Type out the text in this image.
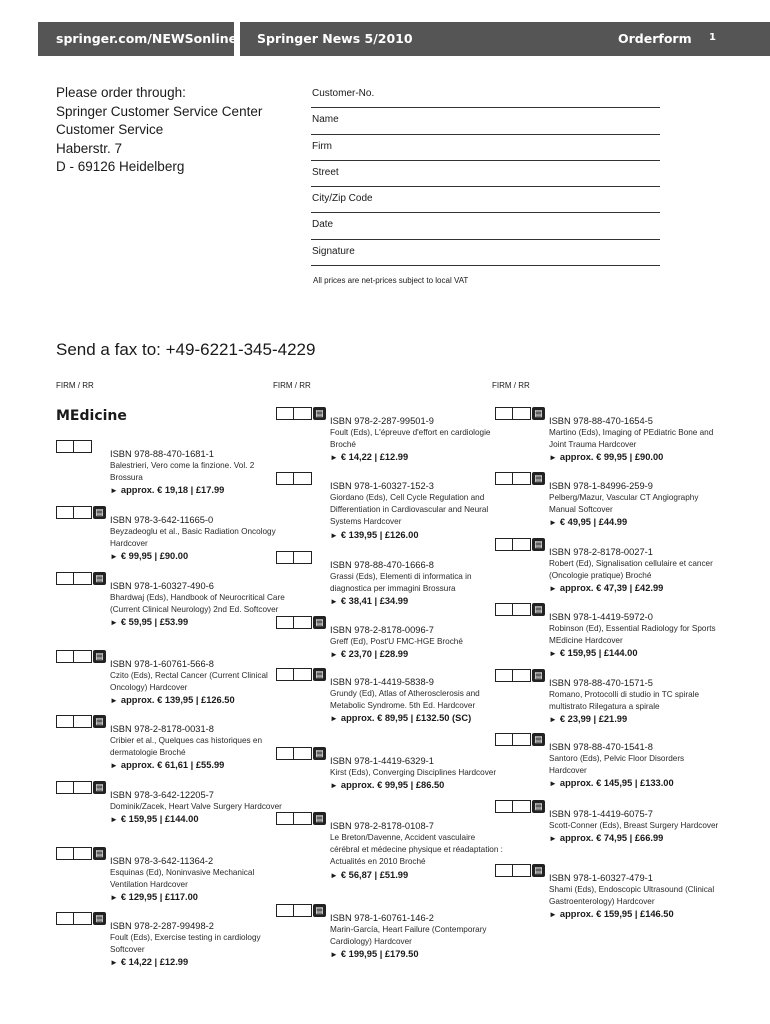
springer.com/NEWSonline Springer News 5/2010	Orderform 1
Please order through:
Springer Customer Service Center
Customer Service
Haberstr. 7
D - 69126 Heidelberg
Customer-No.
Name
Firm
Street
City/Zip Code
Date
Signature
All prices are net-prices subject to local VAT
Send a fax to: +49-6221-345-4229
FIRM / RR	FIRM / RR	FIRM / RR
MEdicine
ISBN 978-88-470-1681-1
Balestrieri, Vero come la finzione. Vol. 2 Brossura
► approx. € 19,18 | £17.99
▤
ISBN 978-3-642-11665-0
Beyzadeoglu et al., Basic Radiation Oncology Hardcover
► € 99,95 | £90.00
▤
ISBN 978-1-60327-490-6
Bhardwaj (Eds), Handbook of Neurocritical Care (Current Clinical Neurology) 2nd Ed. Softcover
► € 59,95 | £53.99
▤
ISBN 978-1-60761-566-8
Czito (Eds), Rectal Cancer (Current Clinical Oncology) Hardcover
► approx. € 139,95 | £126.50
▤
ISBN 978-2-8178-0031-8
Cribier et al., Quelques cas historiques en dermatologie Broché
► approx. € 61,61 | £55.99
▤
ISBN 978-3-642-12205-7
Dominik/Zacek, Heart Valve Surgery Hardcover
► € 159,95 | £144.00
▤
ISBN 978-3-642-11364-2
Esquinas (Ed), Noninvasive Mechanical Ventilation Hardcover
► € 129,95 | £117.00
▤
ISBN 978-2-287-99498-2
Foult (Eds), Exercise testing in cardiology Softcover
► € 14,22 | £12.99
▤
ISBN 978-2-287-99501-9
Foult (Eds), L'épreuve d'effort en cardiologie Broché
► € 14,22 | £12.99
ISBN 978-1-60327-152-3
Giordano (Eds), Cell Cycle Regulation and Differentiation in Cardiovascular and Neural Systems Hardcover
► € 139,95 | £126.00
ISBN 978-88-470-1666-8
Grassi (Eds), Elementi di informatica in diagnostica per immagini Brossura
► € 38,41 | £34.99
▤
ISBN 978-2-8178-0096-7
Greff (Ed), Post'U FMC-HGE Broché
► € 23,70 | £28.99
▤
ISBN 978-1-4419-5838-9
Grundy (Ed), Atlas of Atherosclerosis and Metabolic Syndrome. 5th Ed. Hardcover
► approx. € 89,95 | £132.50 (SC)
▤
ISBN 978-1-4419-6329-1
Kirst (Eds), Converging Disciplines Hardcover
► approx. € 99,95 | £86.50
▤
ISBN 978-2-8178-0108-7
Le Breton/Davenne, Accident vasculaire cérébral et médecine physique et réadaptation : Actualités en 2010 Broché
► € 56,87 | £51.99
▤
ISBN 978-1-60761-146-2
Marin-García, Heart Failure (Contemporary Cardiology) Hardcover
► € 199,95 | £179.50
▤
ISBN 978-88-470-1654-5
Martino (Eds), Imaging of PEdiatric Bone and Joint Trauma Hardcover
► approx. € 99,95 | £90.00
▤
ISBN 978-1-84996-259-9
Pelberg/Mazur, Vascular CT Angiography Manual Softcover
► € 49,95 | £44.99
▤
ISBN 978-2-8178-0027-1
Robert (Ed), Signalisation cellulaire et cancer (Oncologie pratique) Broché
► approx. € 47,39 | £42.99
▤
ISBN 978-1-4419-5972-0
Robinson (Ed), Essential Radiology for Sports MEdicine Hardcover
► € 159,95 | £144.00
▤
ISBN 978-88-470-1571-5
Romano, Protocolli di studio in TC spirale multistrato Rilegatura a spirale
► € 23,99 | £21.99
▤
ISBN 978-88-470-1541-8
Santoro (Eds), Pelvic Floor Disorders Hardcover
► approx. € 145,95 | £133.00
▤
ISBN 978-1-4419-6075-7
Scott-Conner (Eds), Breast Surgery Hardcover
► approx. € 74,95 | £66.99
▤
ISBN 978-1-60327-479-1
Shami (Eds), Endoscopic Ultrasound (Clinical Gastroenterology) Hardcover
► approx. € 159,95 | £146.50
